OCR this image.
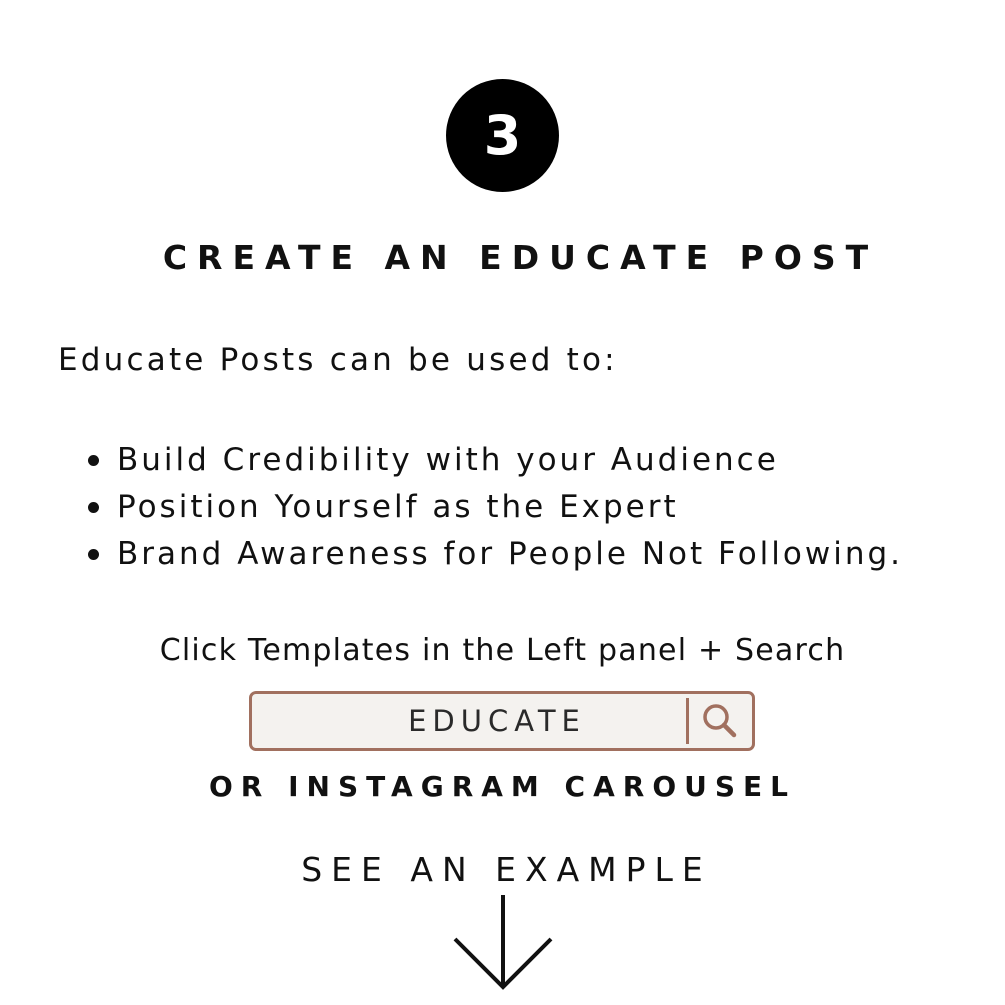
3
CREATE AN EDUCATE POST
Educate Posts can be used to:
Build Credibility with your Audience
Position Yourself as the Expert
Brand Awareness for People Not Following.
Click Templates in the Left panel + Search
EDUCATE
OR INSTAGRAM CAROUSEL
SEE AN EXAMPLE
